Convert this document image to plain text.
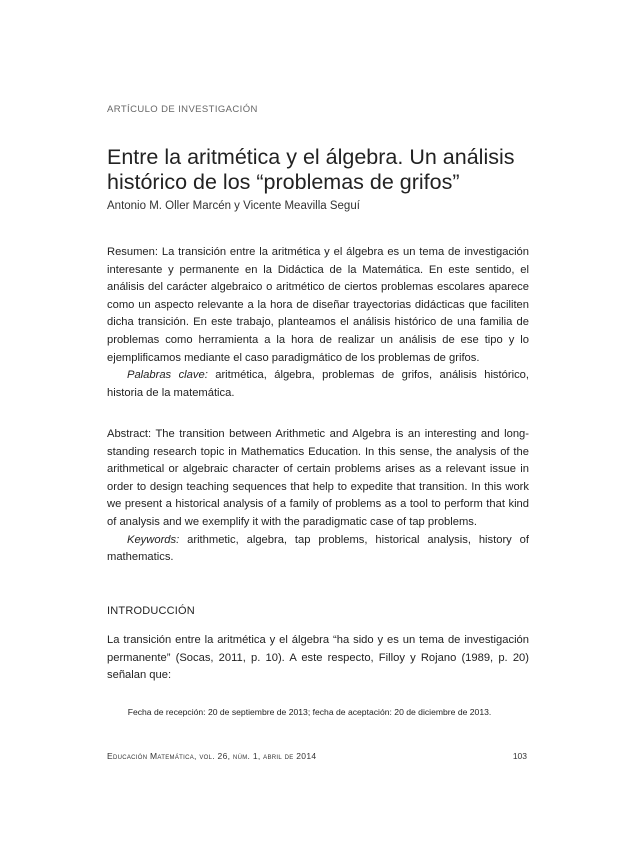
ARTÍCULO DE INVESTIGACIÓN
Entre la aritmética y el álgebra. Un análisis histórico de los “problemas de grifos”
Antonio M. Oller Marcén y Vicente Meavilla Seguí

Resumen: La transición entre la aritmética y el álgebra es un tema de investigación interesante y permanente en la Didáctica de la Matemática. En este sentido, el análisis del carácter algebraico o aritmético de ciertos problemas escolares aparece como un aspecto relevante a la hora de diseñar trayectorias didácticas que faciliten dicha transición. En este trabajo, planteamos el análisis histórico de una familia de problemas como herramienta a la hora de realizar un análisis de ese tipo y lo ejemplificamos mediante el caso paradigmático de los problemas de grifos.

Palabras clave: aritmética, álgebra, problemas de grifos, análisis histórico, historia de la matemática.

Abstract: The transition between Arithmetic and Algebra is an interesting and long-standing research topic in Mathematics Education. In this sense, the analysis of the arithmetical or algebraic character of certain problems arises as a relevant issue in order to design teaching sequences that help to expedite that transition. In this work we present a historical analysis of a family of problems as a tool to perform that kind of analysis and we exemplify it with the paradigmatic case of tap problems.

Keywords: arithmetic, algebra, tap problems, historical analysis, history of mathematics.

INTRODUCCIÓN

La transición entre la aritmética y el álgebra “ha sido y es un tema de investigación permanente” (Socas, 2011, p. 10). A este respecto, Filloy y Rojano (1989, p. 20) señalan que:

Fecha de recepción: 20 de septiembre de 2013; fecha de aceptación: 20 de diciembre de 2013.
Educación Matemática, vol. 26, núm. 1, abril de 2014	103
